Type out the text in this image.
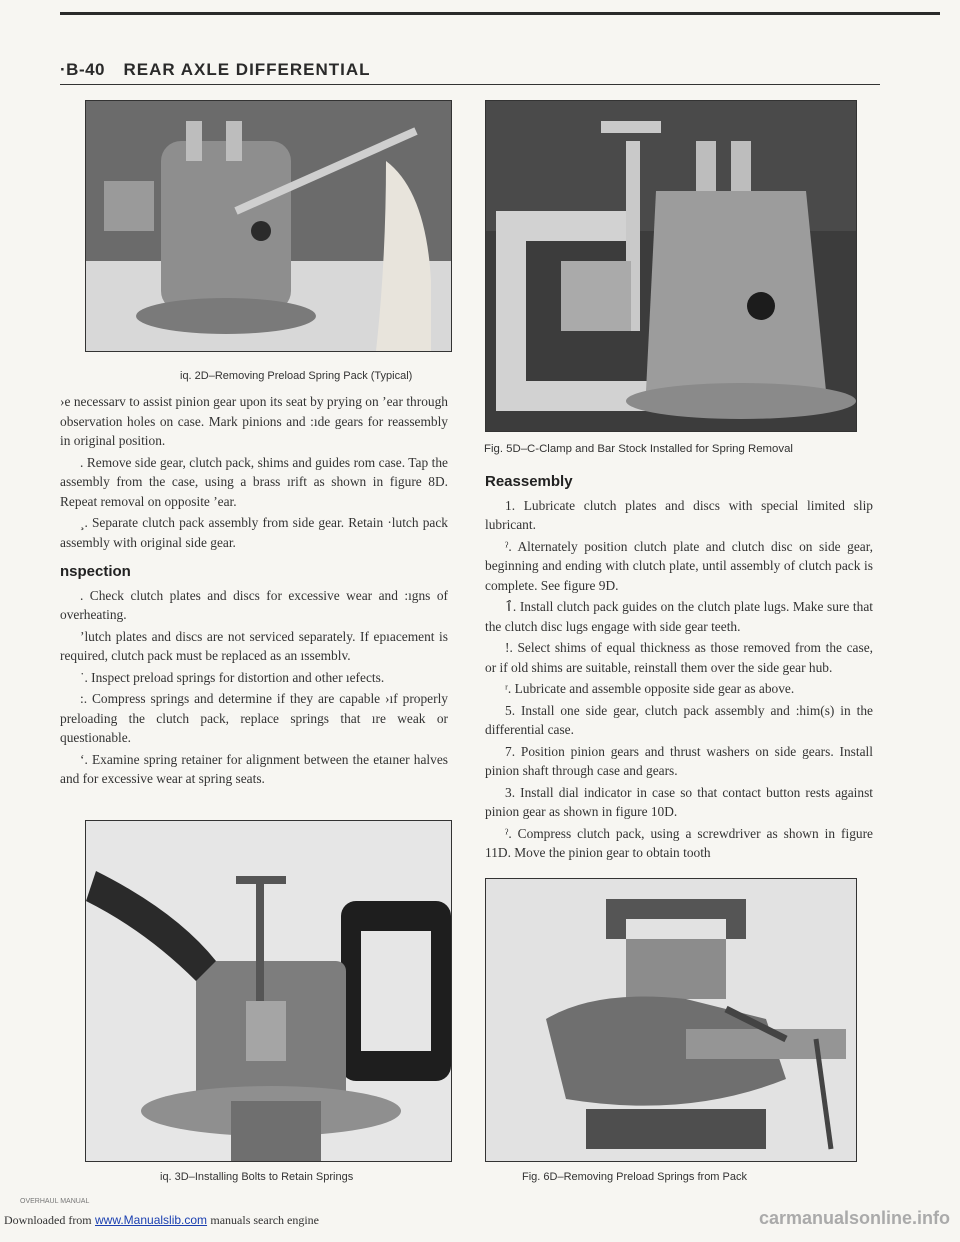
·B-40 REAR AXLE DIFFERENTIAL
iq. 2D–Removing Preload Spring Pack (Typical)

›e necessarv to assist pinion gear upon its seat by prying on ’ear through observation holes on case. Mark pinions and :ıde gears for reassembly in original position.

. Remove side gear, clutch pack, shims and guides rom case. Tap the assembly from the case, using a brass ırift as shown in figure 8D. Repeat removal on opposite ’ear.

¸. Separate clutch pack assembly from side gear. Retain ·lutch pack assembly with original side gear.

nspection

. Check clutch plates and discs for excessive wear and :ıgns of overheating.

ʼlutch plates and discs are not serviced separately. If epıacement is required, clutch pack must be replaced as an ıssemblv.

˙. Inspect preload springs for distortion and other ıefects.

:. Compress springs and determine if they are capable ›ıf properly preloading the clutch pack, replace springs that ıre weak or questionable.

ʻ. Examine spring retainer for alignment between the etaıner halves and for excessive wear at spring seats.

iq. 3D–Installing Bolts to Retain Springs
Fig. 5D–C-Clamp and Bar Stock Installed for Spring Removal
Reassembly

1. Lubricate clutch plates and discs with special limited slip lubricant.

ˀ. Alternately position clutch plate and clutch disc on side gear, beginning and ending with clutch plate, until assembly of clutch pack is complete. See figure 9D.

ٱ. Install clutch pack guides on the clutch plate lugs. Make sure that the clutch disc lugs engage with side gear teeth.

!. Select shims of equal thickness as those removed from the case, or if old shims are suitable, reinstall them over the side gear hub.

ʳ. Lubricate and assemble opposite side gear as above.

5. Install one side gear, clutch pack assembly and :him(s) in the differential case.

7. Position pinion gears and thrust washers on side gears. Install pinion shaft through case and gears.

3. Install dial indicator in case so that contact button rests against pinion gear as shown in figure 10D.

ˀ. Compress clutch pack, using a screwdriver as shown in figure 11D. Move the pinion gear to obtain tooth

Fig. 6D–Removing Preload Springs from Pack
OVERHAUL MANUAL
Downloaded from www.Manualslib.com manuals search engine	carmanualsonline.info
